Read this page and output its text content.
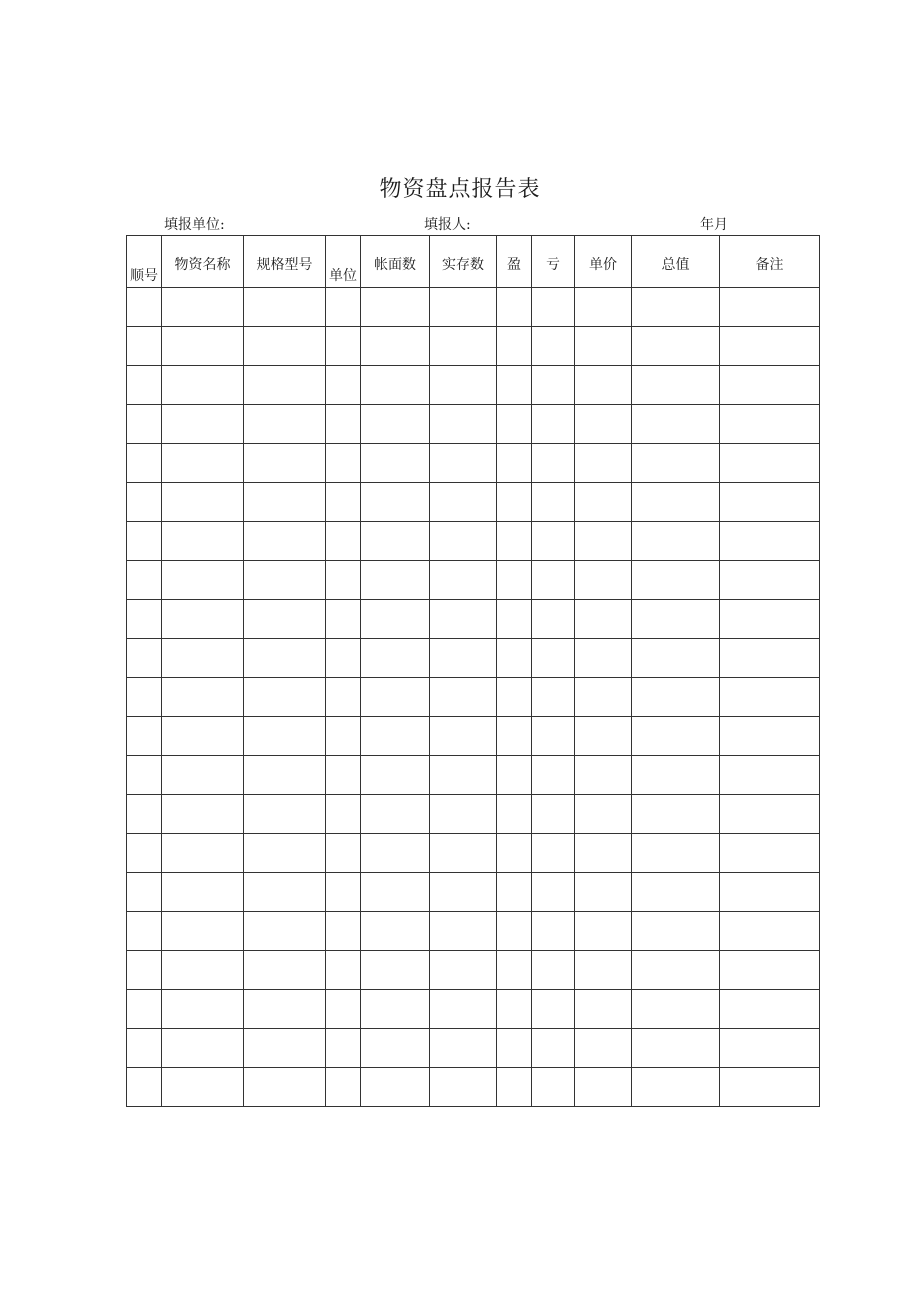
物资盘点报告表
填报单位:	填报人:	年月
顺号	物资名称	规格型号	单位	帐面数	实存数	盈	亏	单价	总值	备注
